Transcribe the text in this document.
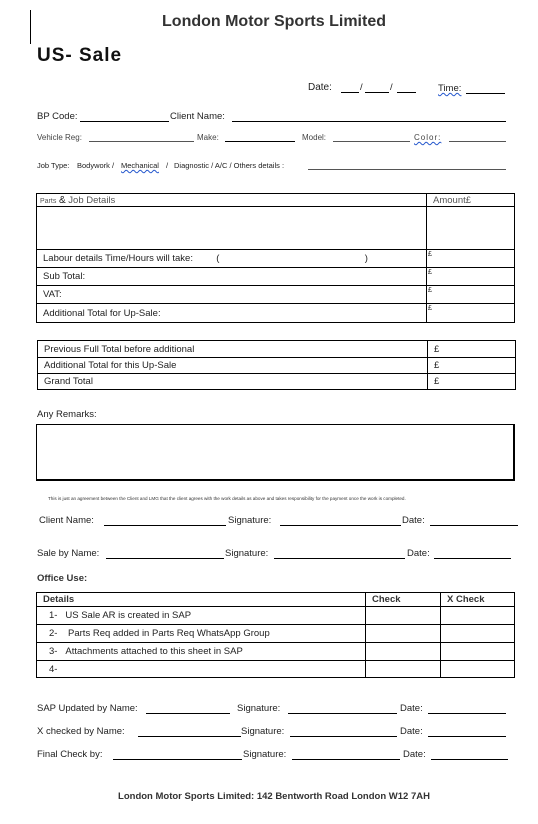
London Motor Sports Limited
US- Sale
Date:	/	/	Time:
BP Code:	Client Name:
Vehicle Reg:	Make:	Model:	Color:
Job Type: Bodywork / Mechanical / Diagnostic / A/C / Others details :
Parts & Job Details	Amount£

Labour details Time/Hours will take: ( )	£
Sub Total:	£
VAT:	£
Additional Total for Up-Sale:	£
Previous Full Total before additional	£
Additional Total for this Up-Sale	£
Grand Total	£
Any Remarks:
This is just an agreement between the Client and LMG that the client agrees with the work details as above and takes responsibility for the payment once the work is completed.
Client Name:	Signature:	Date:
Sale by Name:	Signature:	Date:
Office Use:
Details	Check	X Check
1- US Sale AR is created in SAP		
2- Parts Req added in Parts Req WhatsApp Group		
3- Attachments attached to this sheet in SAP		
4-		
SAP Updated by Name:	Signature:	Date:
X checked by Name:	Signature:	Date:
Final Check by:	Signature:	Date:
London Motor Sports Limited: 142 Bentworth Road London W12 7AH
